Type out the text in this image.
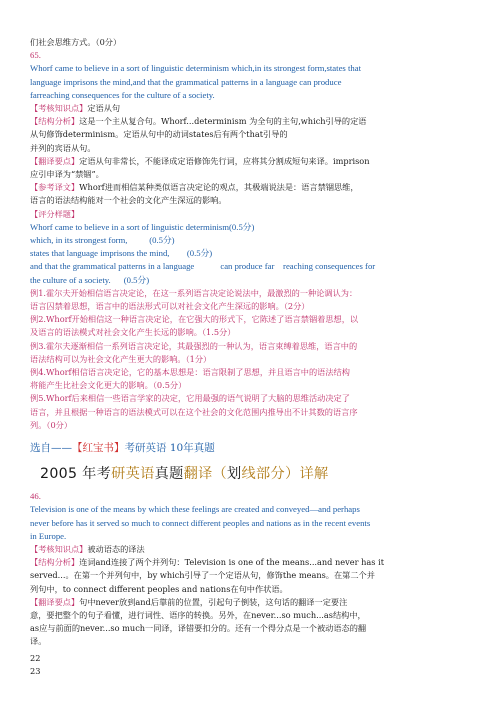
们社会思维方式。（0分）

65.

Whorf came to believe in a sort of linguistic determinism which,in its strongest form,states that

language imprisons the mind,and that the grammatical patterns in a language can produce

farreaching consequences for the culture of a society.

【考核知识点】定语从句

【结构分析】这是一个主从复合句。Whorf...determinism 为全句的主句,which引导的定语

从句修饰determinism。定语从句中的动词states后有两个that引导的

并列的宾语从句。

【翻译要点】定语从句非常长，不能译成定语修饰先行词，应将其分割成短句来译。imprison

应引申译为“禁锢”。

【参考译文】Whorf进而相信某种类似语言决定论的观点，其极端说法是：语言禁锢思维，

语言的语法结构能对一个社会的文化产生深远的影响。

【评分样题】

Whorf came to believe in a sort of linguistic determinism(0.5分)

which, in its strongest form,          (0.5分)

states that language imprisons the mind,        (0.5分)

and that the grammatical patterns in a language            can produce far    reaching consequences for

the culture of a society.      (0.5分)

例1.霍尔夫开始相信语言决定论，在这一系列语言决定论说法中，最激烈的一种论调认为：

语言囚禁着思想，语言中的语法形式可以对社会文化产生深远的影响。（2分）

例2.Whorf开始相信这一种语言决定论，在它强大的形式下，它陈述了语言禁锢着思想，以

及语言的语法模式对社会文化产生长远的影响。（1.5分）

例3.霍尔夫逐渐相信一系列语言决定论，其最强烈的一种认为，语言束缚着思维，语言中的

语法结构可以为社会文化产生更大的影响。（1分）

例4.Whorf相信语言决定论，它的基本思想是：语言限制了思想，并且语言中的语法结构

将能产生比社会文化更大的影响。（0.5分）

例5.Whorf后来相信一些语言学家的决定，它用最强的语气说明了大脑的思维活动决定了

语言，并且根据一种语言的语法模式可以在这个社会的文化范围内推导出不计其数的语言序

列。（0分）

选自——【红宝书】考研英语 10年真题

2005 年考研英语真题翻译（划线部分）详解

46.

Television is one of the means by which these feelings are created and conveyed—and perhaps

never before has it served so much to connect different peoples and nations as in the recent events

in Europe.

【考核知识点】被动语态的译法

【结构分析】连词and连接了两个并列句：Television is one of the means...and never has it

served...。在第一个并列句中，by which引导了一个定语从句，修饰the means。在第二个并

列句中，to connect different peoples and nations在句中作状语。

【翻译要点】句中never放到and后靠前的位置，引起句子倒装，这句话的翻译一定要注

意，要把整个的句子看懂，进行词性、语序的转换。另外，在never...so much...as结构中，

as应与前面的never...so much一同译，译错要扣分的。还有一个得分点是一个被动语态的翻

译。

22

23
